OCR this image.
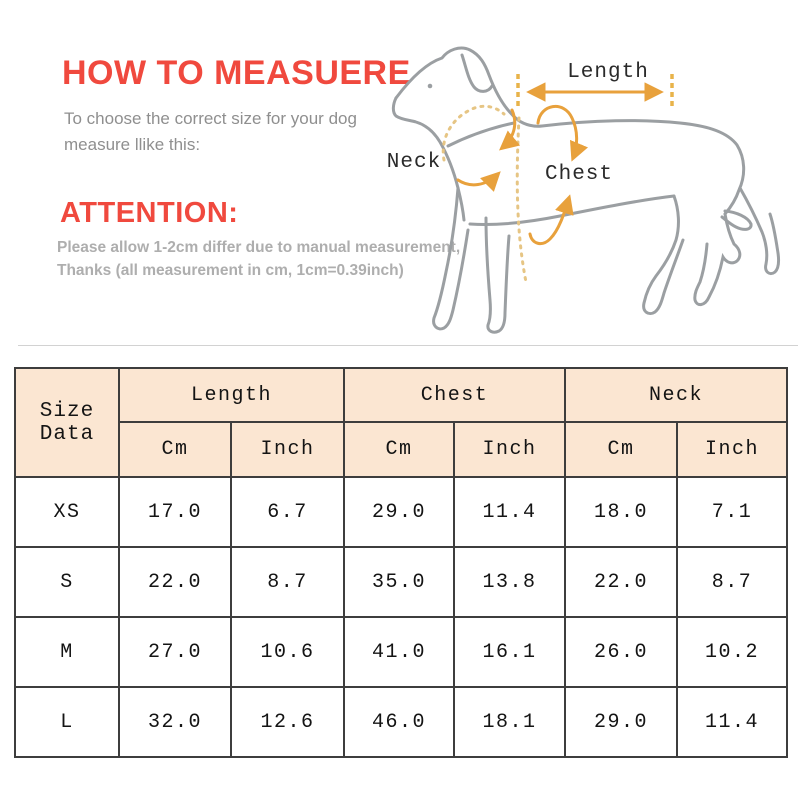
HOW TO MEASUERE
To choose the correct size for your dog
measure llike this:
ATTENTION:
Please allow 1-2cm differ due to manual measurement,
Thanks (all measurement in cm, 1cm=0.39inch)
Length
Neck
Chest
Size Data	Length		Chest		Neck	
	Cm	Inch	Cm	Inch	Cm	Inch
XS	17.0	6.7	29.0	11.4	18.0	7.1
S	22.0	8.7	35.0	13.8	22.0	8.7
M	27.0	10.6	41.0	16.1	26.0	10.2
L	32.0	12.6	46.0	18.1	29.0	11.4
